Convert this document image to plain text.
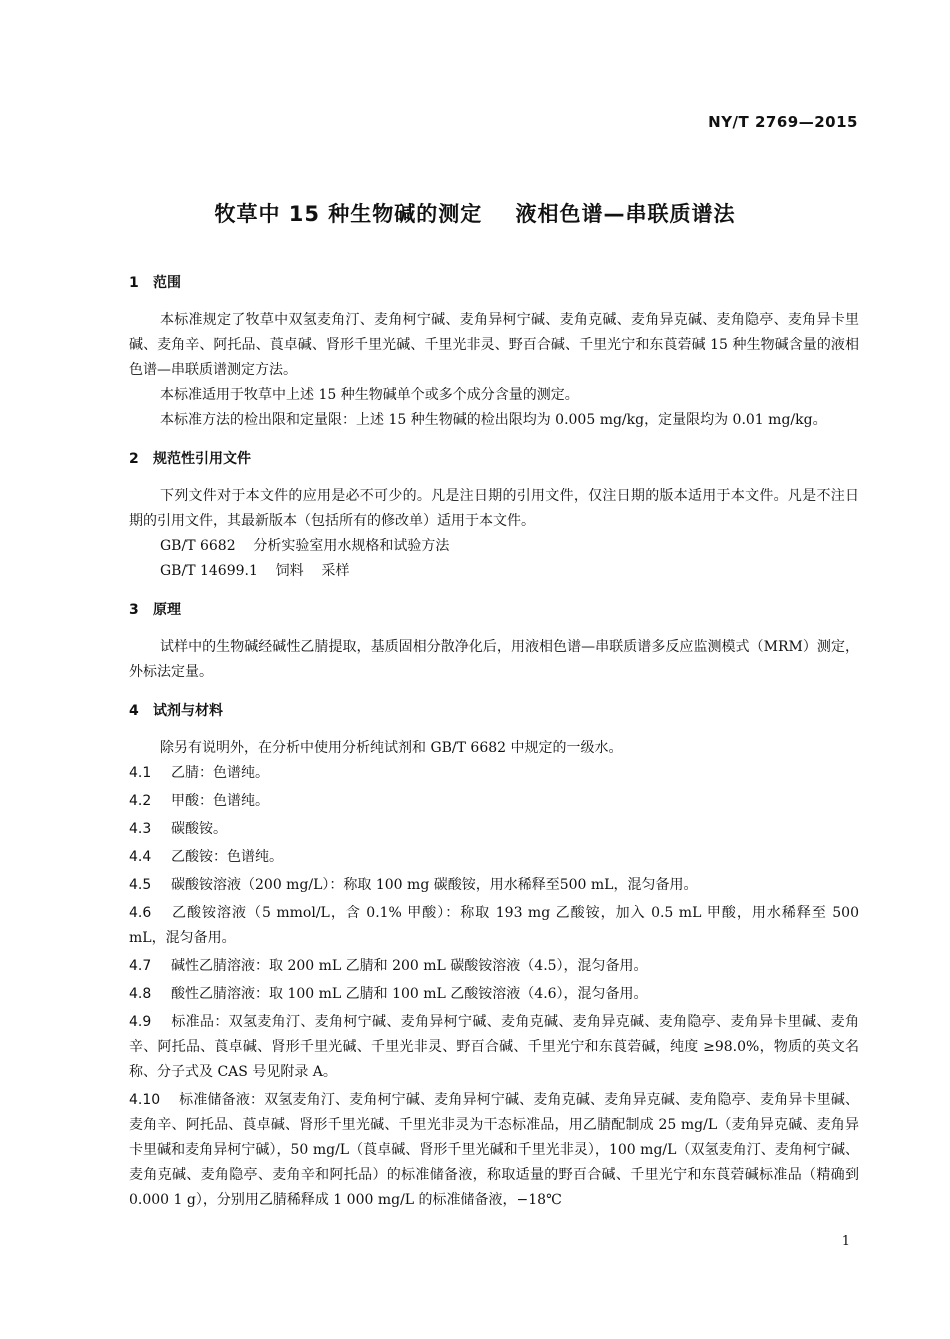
NY/T 2769—2015
牧草中 15 种生物碱的测定    液相色谱—串联质谱法
1 范围

本标准规定了牧草中双氢麦角汀、麦角柯宁碱、麦角异柯宁碱、麦角克碱、麦角异克碱、麦角隐亭、麦角异卡里碱、麦角辛、阿托品、莨卓碱、肾形千里光碱、千里光非灵、野百合碱、千里光宁和东莨菪碱 15 种生物碱含量的液相色谱—串联质谱测定方法。

本标准适用于牧草中上述 15 种生物碱单个或多个成分含量的测定。

本标准方法的检出限和定量限：上述 15 种生物碱的检出限均为 0.005 mg/kg，定量限均为 0.01 mg/kg。

2 规范性引用文件

下列文件对于本文件的应用是必不可少的。凡是注日期的引用文件，仅注日期的版本适用于本文件。凡是不注日期的引用文件，其最新版本（包括所有的修改单）适用于本文件。

GB/T 6682    分析实验室用水规格和试验方法

GB/T 14699.1    饲料    采样

3 原理

试样中的生物碱经碱性乙腈提取，基质固相分散净化后，用液相色谱—串联质谱多反应监测模式（MRM）测定，外标法定量。

4 试剂与材料

除另有说明外，在分析中使用分析纯试剂和 GB/T 6682 中规定的一级水。

4.1 乙腈：色谱纯。

4.2 甲酸：色谱纯。

4.3 碳酸铵。

4.4 乙酸铵：色谱纯。

4.5 碳酸铵溶液（200 mg/L）：称取 100 mg 碳酸铵，用水稀释至500 mL，混匀备用。

4.6 乙酸铵溶液（5 mmol/L，含 0.1% 甲酸）：称取 193 mg 乙酸铵，加入 0.5 mL 甲酸，用水稀释至 500 mL，混匀备用。

4.7 碱性乙腈溶液：取 200 mL 乙腈和 200 mL 碳酸铵溶液（4.5），混匀备用。

4.8 酸性乙腈溶液：取 100 mL 乙腈和 100 mL 乙酸铵溶液（4.6），混匀备用。

4.9 标准品：双氢麦角汀、麦角柯宁碱、麦角异柯宁碱、麦角克碱、麦角异克碱、麦角隐亭、麦角异卡里碱、麦角辛、阿托品、莨卓碱、肾形千里光碱、千里光非灵、野百合碱、千里光宁和东莨菪碱，纯度 ≥98.0%，物质的英文名称、分子式及 CAS 号见附录 A。

4.10 标准储备液：双氢麦角汀、麦角柯宁碱、麦角异柯宁碱、麦角克碱、麦角异克碱、麦角隐亭、麦角异卡里碱、麦角辛、阿托品、莨卓碱、肾形千里光碱、千里光非灵为干态标准品，用乙腈配制成 25 mg/L（麦角异克碱、麦角异卡里碱和麦角异柯宁碱），50 mg/L（莨卓碱、肾形千里光碱和千里光非灵），100 mg/L（双氢麦角汀、麦角柯宁碱、麦角克碱、麦角隐亭、麦角辛和阿托品）的标准储备液，称取适量的野百合碱、千里光宁和东莨菪碱标准品（精确到 0.000 1 g），分别用乙腈稀释成 1 000 mg/L 的标准储备液，−18℃

1
